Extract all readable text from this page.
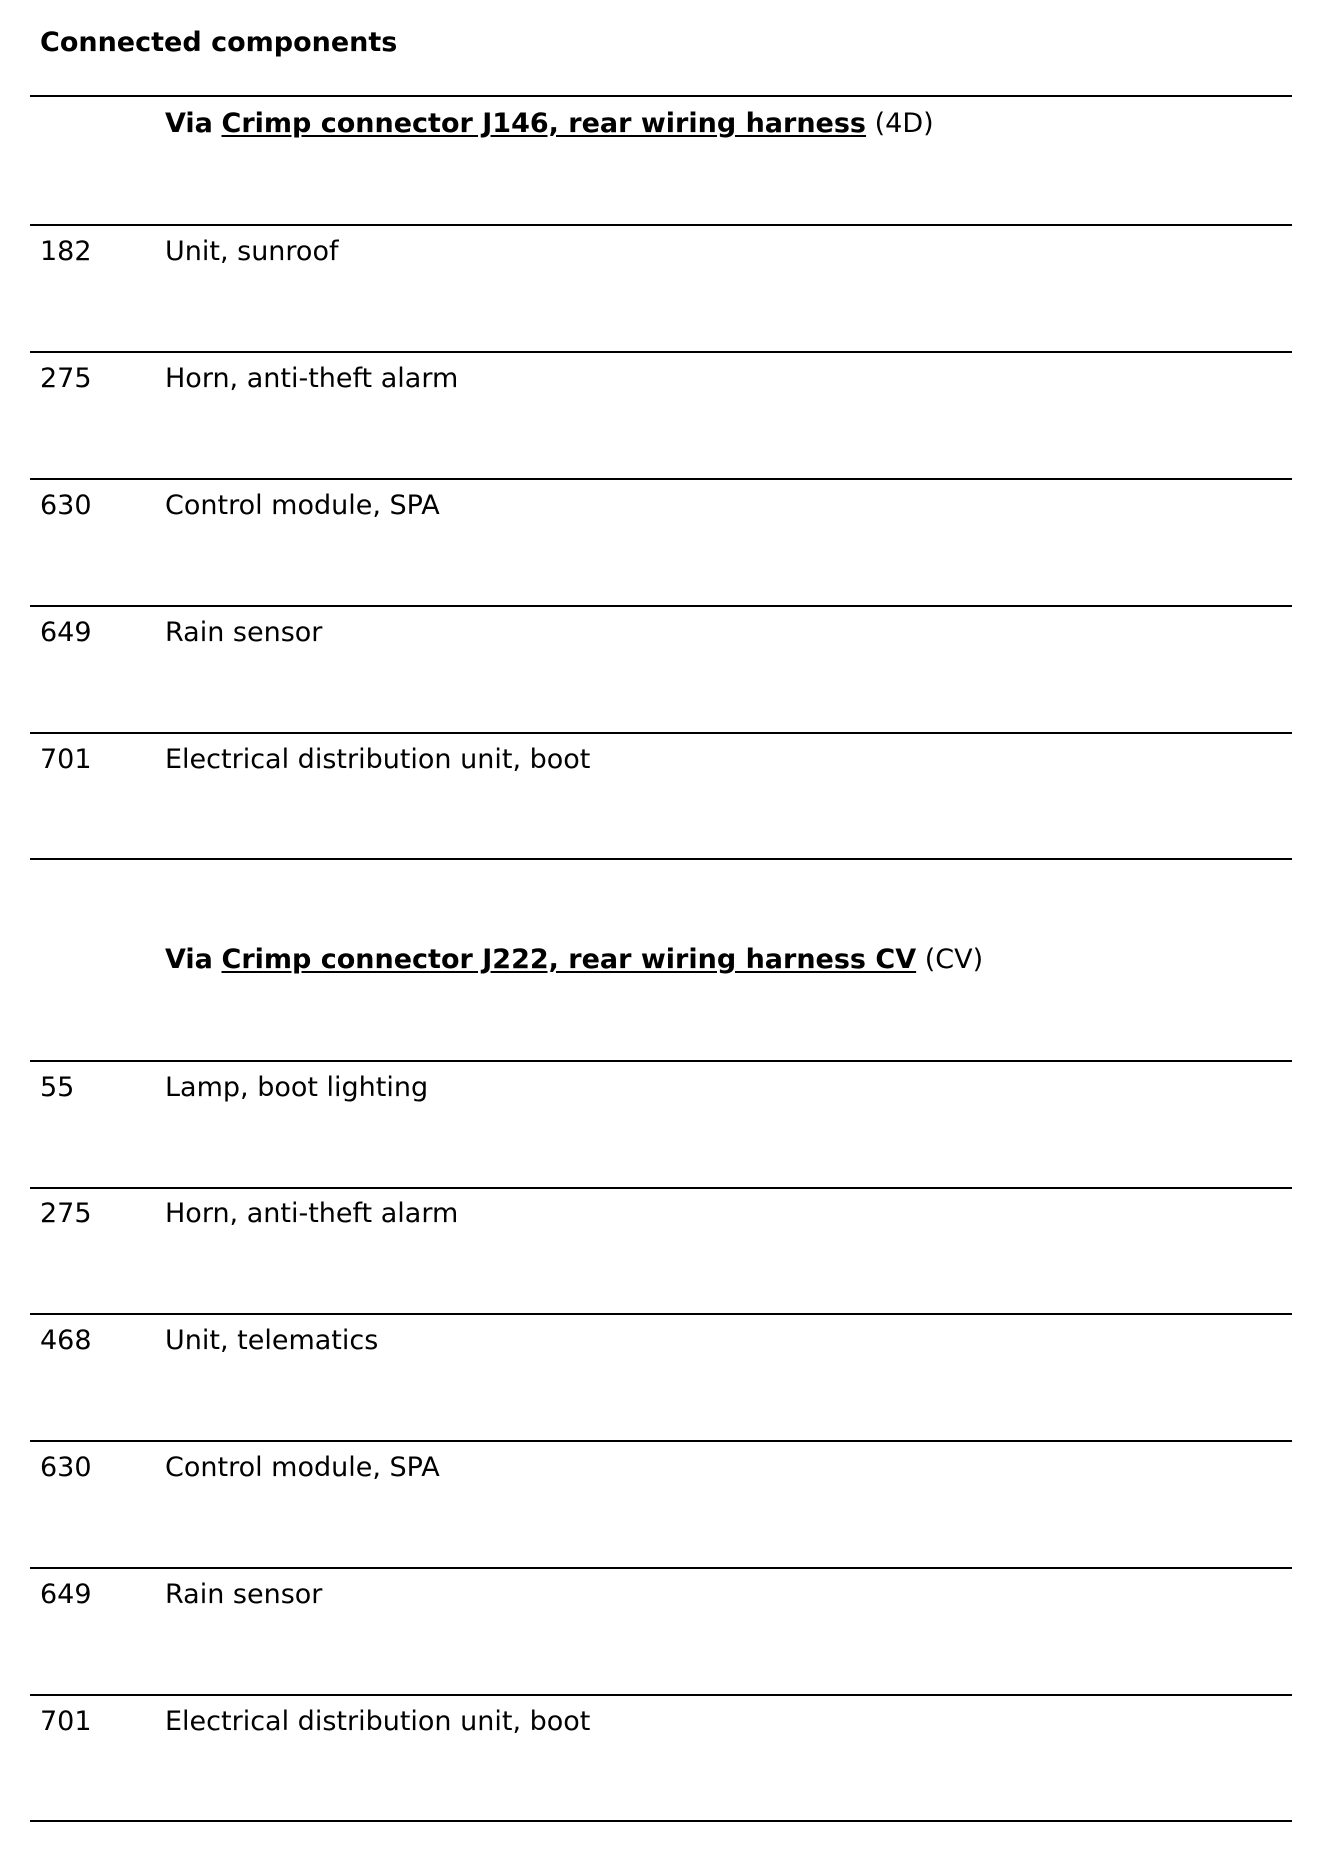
Connected components
Via Crimp connector J146, rear wiring harness (4D)
182	Unit, sunroof
275	Horn, anti-theft alarm
630	Control module, SPA
649	Rain sensor
701	Electrical distribution unit, boot
Via Crimp connector J222, rear wiring harness CV (CV)
55	Lamp, boot lighting
275	Horn, anti-theft alarm
468	Unit, telematics
630	Control module, SPA
649	Rain sensor
701	Electrical distribution unit, boot
